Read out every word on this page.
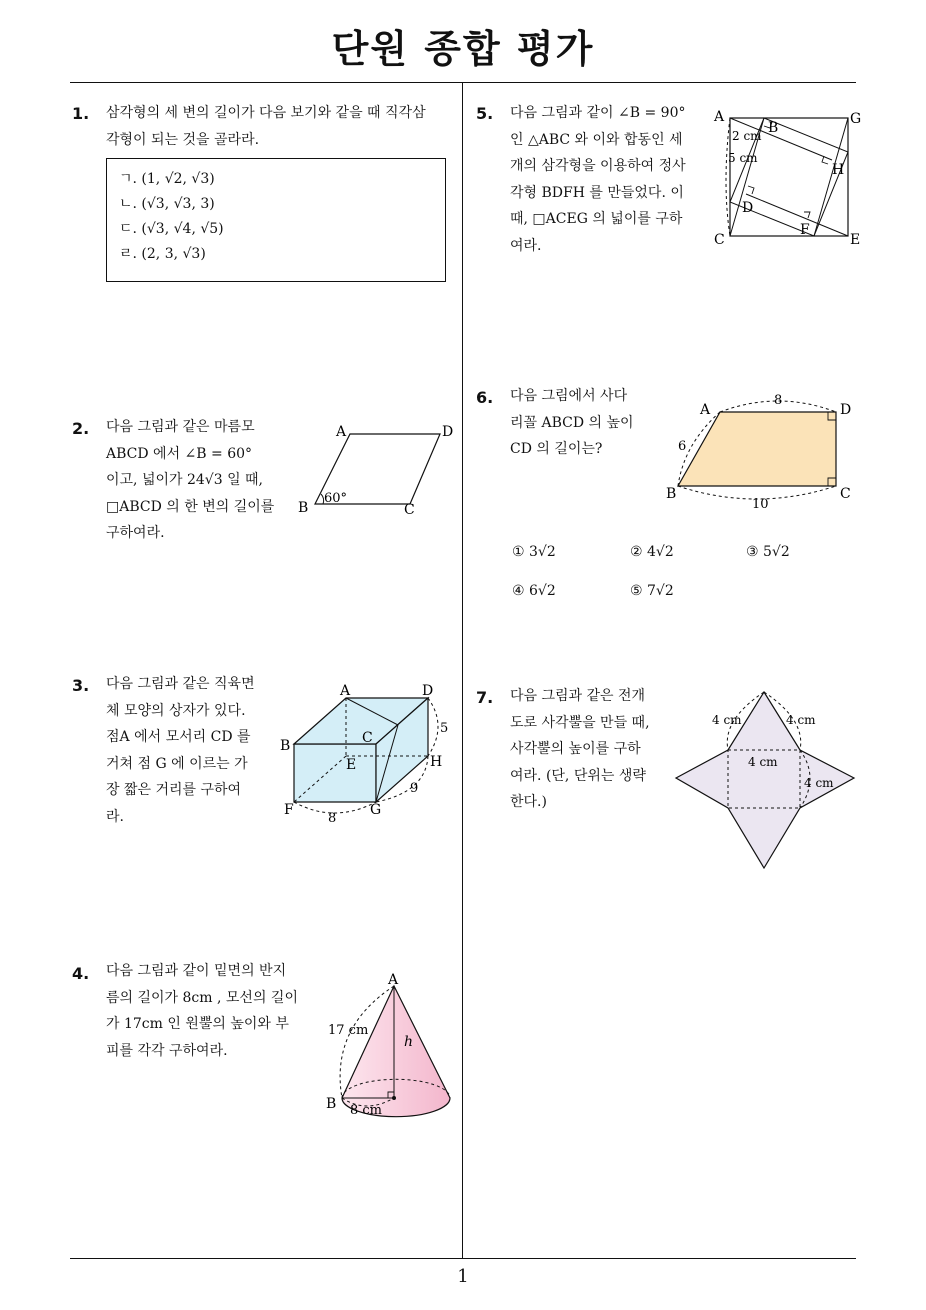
단원 종합 평가
1
1. 삼각형의 세 변의 길이가 다음 보기와 같을 때 직각삼
각형이 되는 것을 골라라.
ㄱ. (1, √2, √3)
ㄴ. (√3, √3, 3)
ㄷ. (√3, √4, √5)
ㄹ. (2, 3, √3)
2. 다음 그림과 같은 마름모
ABCD 에서 ∠B = 60°
이고, 넓이가 24√3 일 때,
□ABCD 의 한 변의 길이를
구하여라.
A	D
B	C
60°
3. 다음 그림과 같은 직육면
체 모양의 상자가 있다.
점A 에서 모서리 CD 를
거쳐 점 G 에 이르는 가
장 짧은 거리를 구하여
라.
A	D
B	C
E	H
F	G
5
9
8
4. 다음 그림과 같이 밑면의 반지
름의 길이가 8cm , 모선의 길이
가 17cm 인 원뿔의 높이와 부
피를 각각 구하여라.
A
B
17 cm
8 cm
h
5. 다음 그림과 같이 ∠B = 90°
인 △ABC 와 이와 합동인 세
개의 삼각형을 이용하여 정사
각형 BDFH 를 만들었다. 이
때, □ACEG 의 넓이를 구하
여라.
A
B
G
H
D
F
C	E
2 cm
5 cm
6. 다음 그림에서 사다
리꼴 ABCD 의 높이
CD 의 길이는?
A	D
B	C
8
6
10
① 3√2	② 4√2	③ 5√2
④ 6√2	⑤ 7√2
7. 다음 그림과 같은 전개
도로 사각뿔을 만들 때,
사각뿔의 높이를 구하
여라. (단, 단위는 생략
한다.)
4 cm	4 cm
4 cm
4 cm
